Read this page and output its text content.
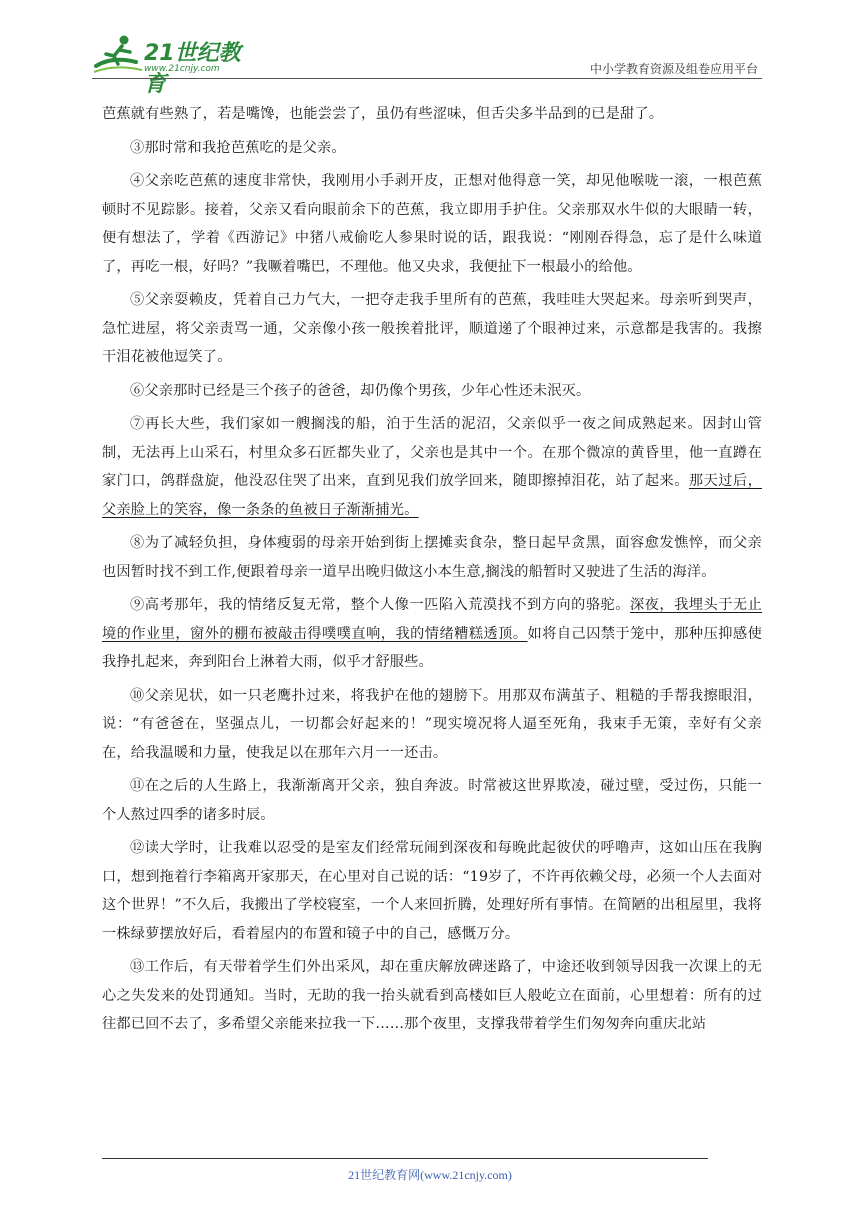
21世纪教育
www.21cnjy.com	中小学教育资源及组卷应用平台

芭蕉就有些熟了，若是嘴馋，也能尝尝了，虽仍有些涩味，但舌尖多半品到的已是甜了。

③那时常和我抢芭蕉吃的是父亲。

④父亲吃芭蕉的速度非常快，我刚用小手剥开皮，正想对他得意一笑，却见他喉咙一滚，一根芭蕉顿时不见踪影。接着，父亲又看向眼前余下的芭蕉，我立即用手护住。父亲那双水牛似的大眼睛一转，便有想法了，学着《西游记》中猪八戒偷吃人参果时说的话，跟我说：“刚刚吞得急，忘了是什么味道了，再吃一根，好吗？”我噘着嘴巴，不理他。他又央求，我便扯下一根最小的给他。

⑤父亲耍赖皮，凭着自己力气大，一把夺走我手里所有的芭蕉，我哇哇大哭起来。母亲听到哭声，急忙进屋，将父亲责骂一通，父亲像小孩一般挨着批评，顺道递了个眼神过来，示意都是我害的。我擦干泪花被他逗笑了。

⑥父亲那时已经是三个孩子的爸爸，却仍像个男孩，少年心性还未泯灭。

⑦再长大些，我们家如一艘搁浅的船，泊于生活的泥沼，父亲似乎一夜之间成熟起来。因封山管制，无法再上山采石，村里众多石匠都失业了，父亲也是其中一个。在那个微凉的黄昏里，他一直蹲在家门口，鸽群盘旋，他没忍住哭了出来，直到见我们放学回来，随即擦掉泪花，站了起来。那天过后，父亲脸上的笑容，像一条条的鱼被日子渐渐捕光。

⑧为了减轻负担，身体瘦弱的母亲开始到街上摆摊卖食杂，整日起早贪黑，面容愈发憔悴，而父亲也因暂时找不到工作,便跟着母亲一道早出晚归做这小本生意,搁浅的船暂时又驶进了生活的海洋。

⑨高考那年，我的情绪反复无常，整个人像一匹陷入荒漠找不到方向的骆驼。深夜，我埋头于无止境的作业里，窗外的棚布被敲击得噗噗直响，我的情绪糟糕透顶。如将自己囚禁于笼中，那种压抑感使我挣扎起来，奔到阳台上淋着大雨，似乎才舒服些。

⑩父亲见状，如一只老鹰扑过来，将我护在他的翅膀下。用那双布满茧子、粗糙的手帮我擦眼泪，说：“有爸爸在，坚强点儿，一切都会好起来的！”现实境况将人逼至死角，我束手无策，幸好有父亲在，给我温暖和力量，使我足以在那年六月一一还击。

⑪在之后的人生路上，我渐渐离开父亲，独自奔波。时常被这世界欺凌，碰过壁，受过伤，只能一个人熬过四季的诸多时辰。

⑫读大学时，让我难以忍受的是室友们经常玩闹到深夜和每晚此起彼伏的呼噜声，这如山压在我胸口，想到拖着行李箱离开家那天，在心里对自己说的话：“19岁了，不许再依赖父母，必须一个人去面对这个世界！”不久后，我搬出了学校寝室，一个人来回折腾，处理好所有事情。在简陋的出租屋里，我将一株绿萝摆放好后，看着屋内的布置和镜子中的自己，感慨万分。

⑬工作后，有天带着学生们外出采风，却在重庆解放碑迷路了，中途还收到领导因我一次课上的无心之失发来的处罚通知。当时，无助的我一抬头就看到高楼如巨人般屹立在面前，心里想着：所有的过往都已回不去了，多希望父亲能来拉我一下……那个夜里，支撑我带着学生们匆匆奔向重庆北站

21世纪教育网(www.21cnjy.com)
